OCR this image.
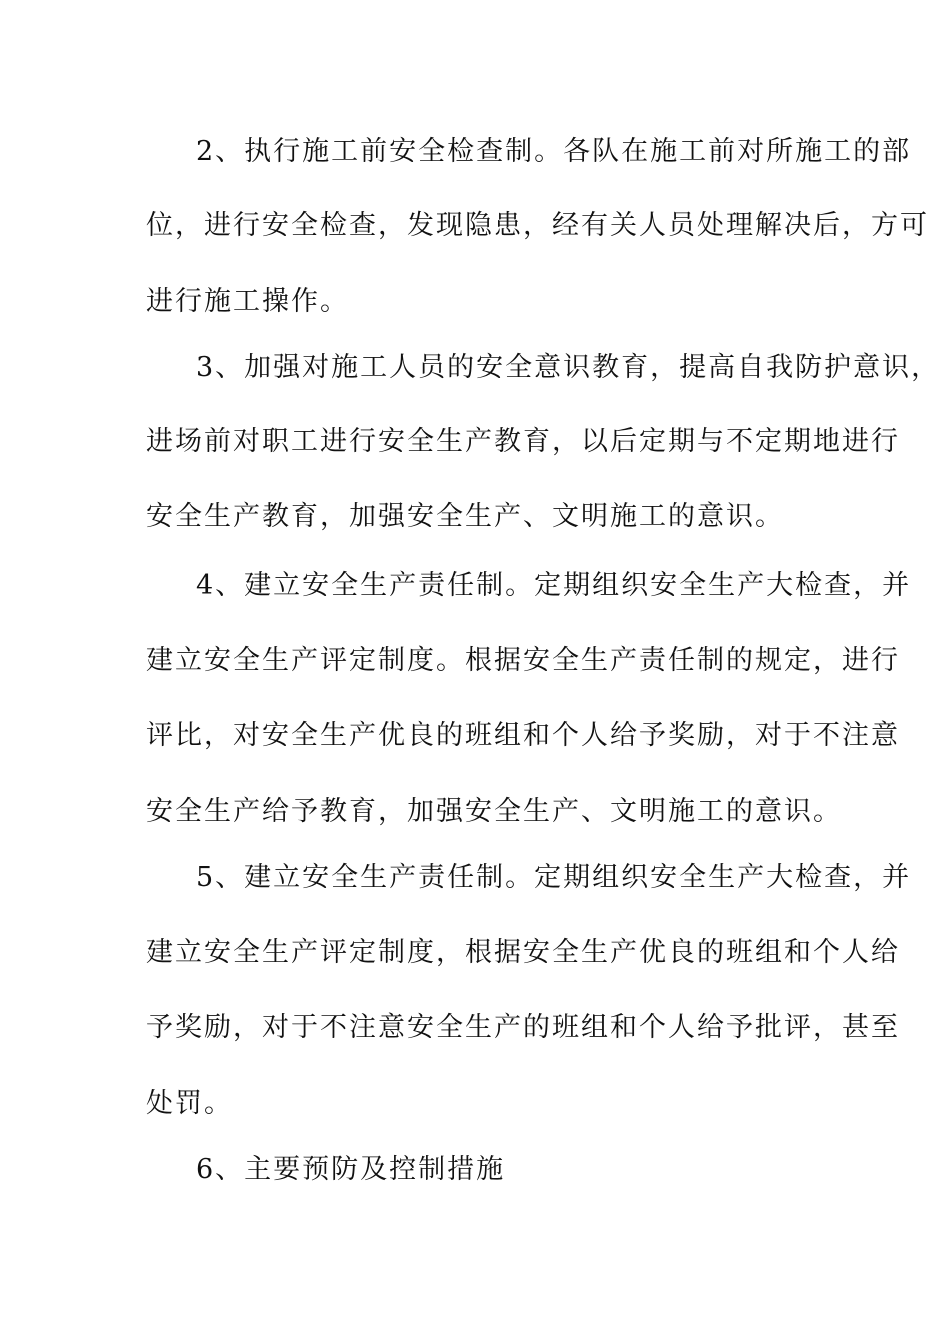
2、执行施工前安全检查制。各队在施工前对所施工的部
位，进行安全检查，发现隐患，经有关人员处理解决后，方可
进行施工操作。
3、加强对施工人员的安全意识教育，提高自我防护意识，
进场前对职工进行安全生产教育，以后定期与不定期地进行
安全生产教育，加强安全生产、文明施工的意识。
4、建立安全生产责任制。定期组织安全生产大检查，并
建立安全生产评定制度。根据安全生产责任制的规定，进行
评比，对安全生产优良的班组和个人给予奖励，对于不注意
安全生产给予教育，加强安全生产、文明施工的意识。
5、建立安全生产责任制。定期组织安全生产大检查，并
建立安全生产评定制度，根据安全生产优良的班组和个人给
予奖励，对于不注意安全生产的班组和个人给予批评，甚至
处罚。
6、主要预防及控制措施
